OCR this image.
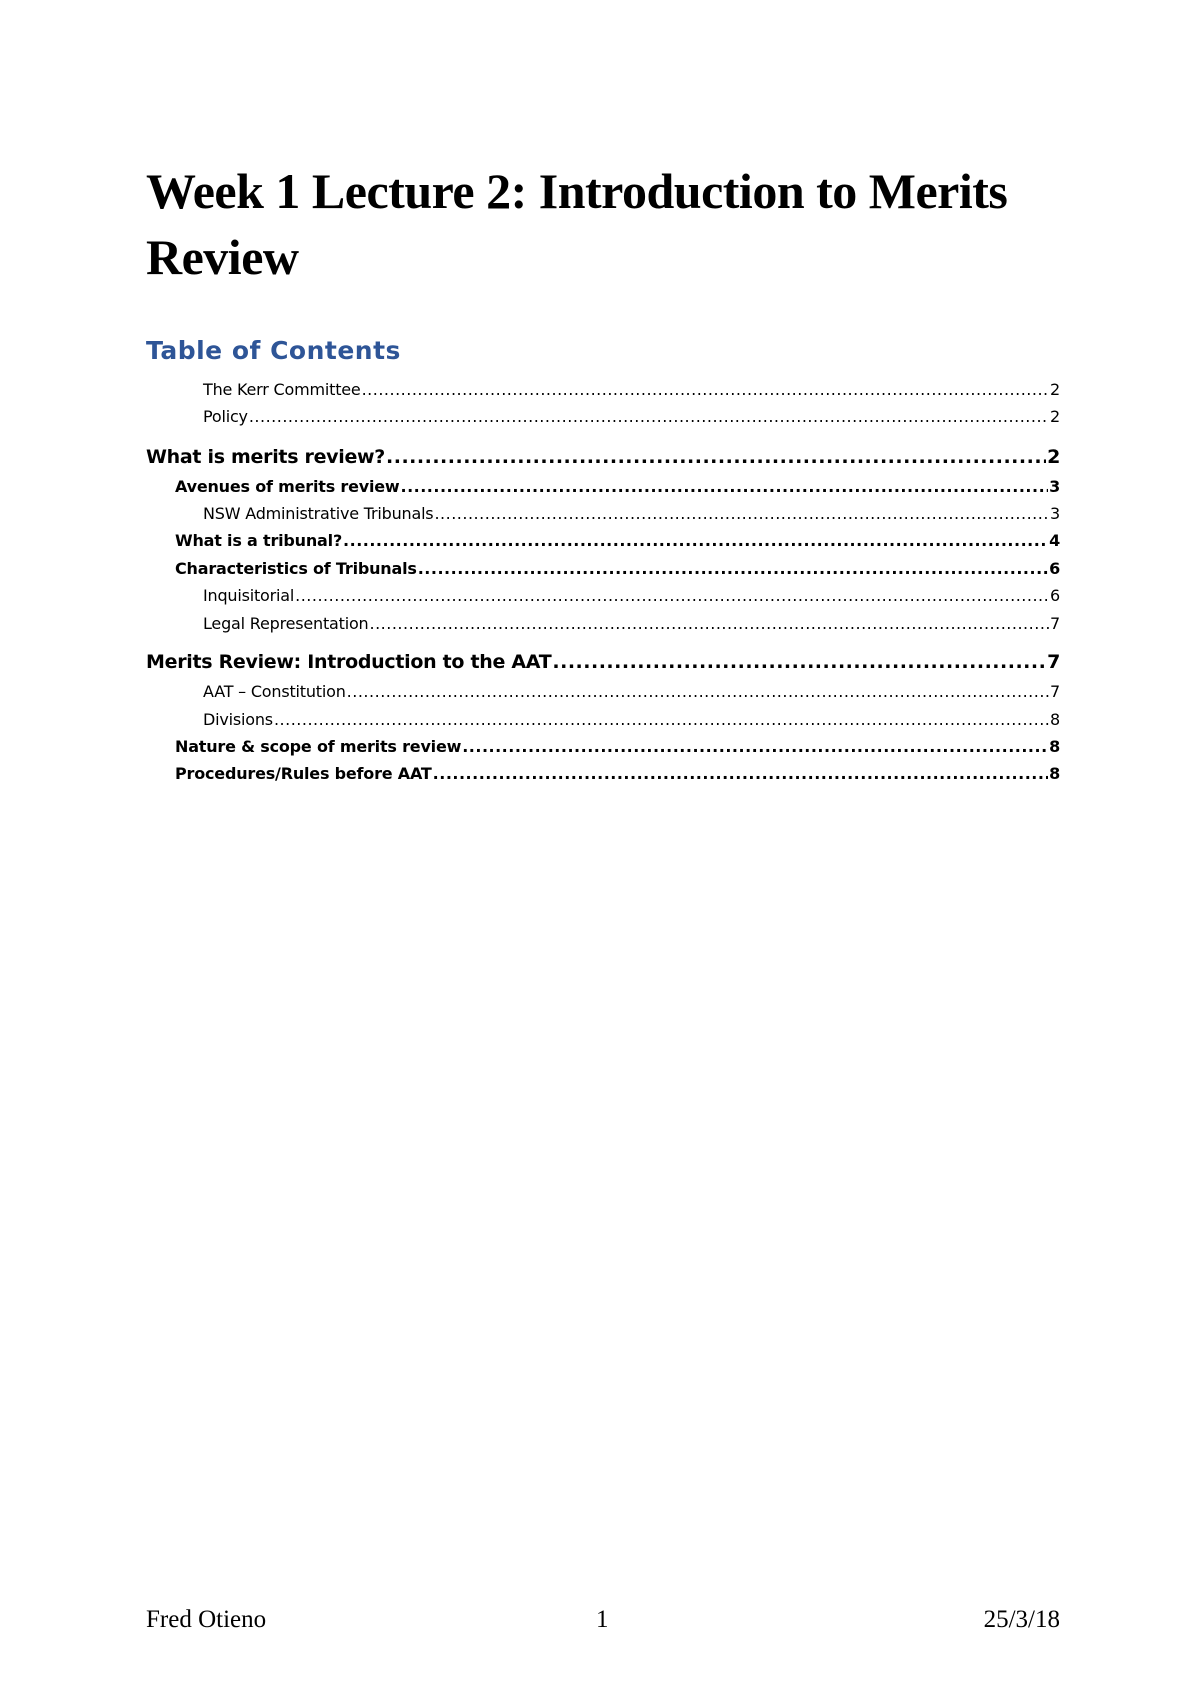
Week 1 Lecture 2: Introduction to Merits Review
Table of Contents
The Kerr Committee .....	2
Policy .....	2
What is merits review? .....	2
Avenues of merits review .....	3
NSW Administrative Tribunals .....	3
What is a tribunal? .....	4
Characteristics of Tribunals .....	6
Inquisitorial .....	6
Legal Representation .....	7
Merits Review: Introduction to the AAT .....	7
AAT – Constitution .....	7
Divisions .....	8
Nature & scope of merits review .....	8
Procedures/Rules before AAT .....	8
Fred Otieno	1	25/3/18
